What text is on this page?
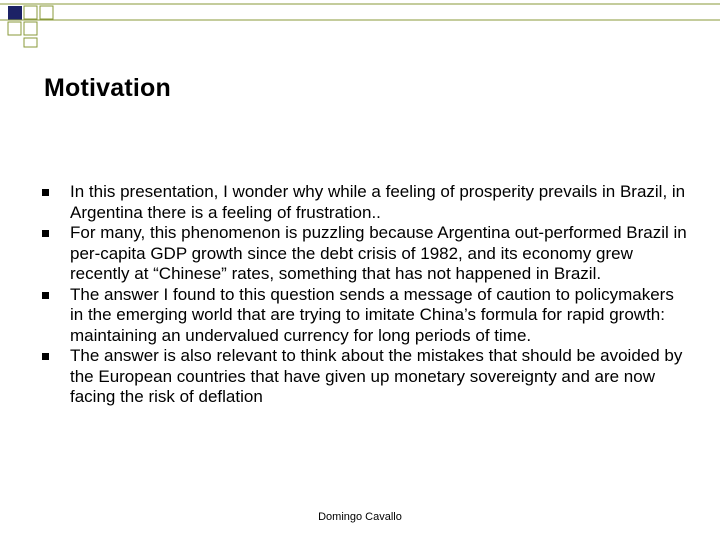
Motivation
In this presentation, I wonder why while a feeling of prosperity prevails in Brazil, in Argentina there is a feeling of frustration..
For many, this phenomenon is puzzling because Argentina out-performed Brazil in per-capita GDP growth since the debt crisis of 1982, and its economy grew recently at “Chinese” rates, something that has not happened in Brazil.
The answer I found to this question sends a message of caution to policymakers in the emerging world that are trying to imitate China’s formula for rapid growth: maintaining an undervalued currency for long periods of time.
The answer is also relevant to think about the mistakes that should be avoided by the European countries that have given up monetary sovereignty and are now facing the risk of deflation
Domingo Cavallo
